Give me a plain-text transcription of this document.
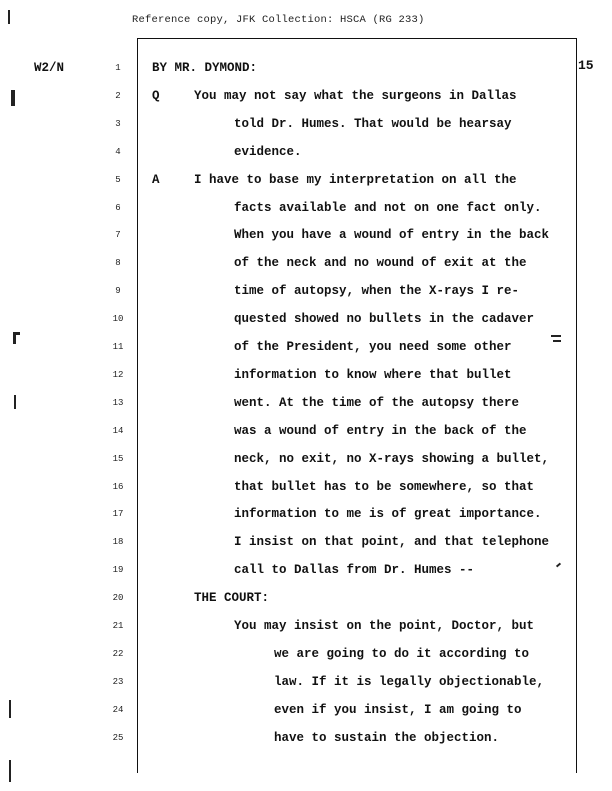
Reference copy, JFK Collection: HSCA (RG 233)
W2/N	15
1	BY MR. DYMOND:
2	Q	You may not say what the surgeons in Dallas
3	told Dr. Humes. That would be hearsay
4	evidence.
5	A	I have to base my interpretation on all the
6	facts available and not on one fact only.
7	When you have a wound of entry in the back
8	of the neck and no wound of exit at the
9	time of autopsy, when the X-rays I re-
10	quested showed no bullets in the cadaver
11	of the President, you need some other
12	information to know where that bullet
13	went. At the time of the autopsy there
14	was a wound of entry in the back of the
15	neck, no exit, no X-rays showing a bullet,
16	that bullet has to be somewhere, so that
17	information to me is of great importance.
18	I insist on that point, and that telephone
19	call to Dallas from Dr. Humes --
20	THE COURT:
21	You may insist on the point, Doctor, but
22	we are going to do it according to
23	law. If it is legally objectionable,
24	even if you insist, I am going to
25	have to sustain the objection.
